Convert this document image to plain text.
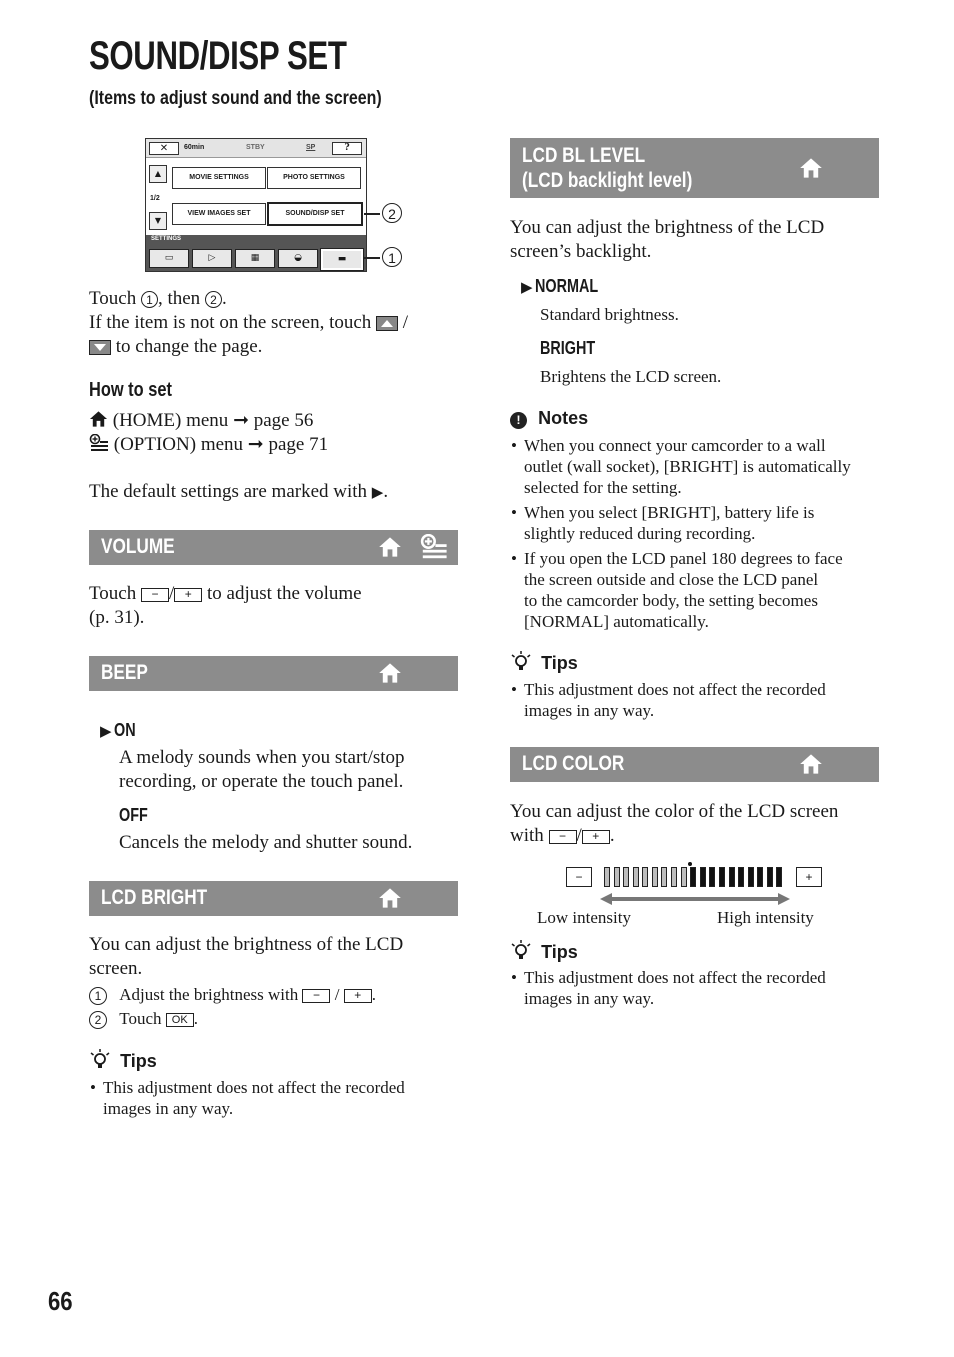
SOUND/DISP SET
(Items to adjust sound and the screen)
✕	60min	STBY	SP	?
▲
1/2
▼
MOVIE SETTINGS	PHOTO SETTINGS
VIEW IMAGES SET	SOUND/DISP SET
SETTINGS
▭	▷	▦	◒	▬
2
1
Touch 1 , then 2 .
If the item is not on the screen, touch
/
to change the page.
How to set
(HOME) menu ➞ page 56
(OPTION) menu ➞ page 71
The default settings are marked with ▶.
VOLUME
Touch − / + to adjust the volume
(p. 31).
BEEP
▶ ON
A melody sounds when you start/stop
recording, or operate the touch panel.
OFF
Cancels the melody and shutter sound.
LCD BRIGHT
You can adjust the brightness of the LCD
screen.
1 Adjust the brightness with − / + .
2 Touch OK .
Tips
• This adjustment does not affect the recorded
images in any way.
LCD BL LEVEL
(LCD backlight level)
You can adjust the brightness of the LCD
screen’s backlight.
▶ NORMAL
Standard brightness.
BRIGHT
Brightens the LCD screen.
! Notes
• When you connect your camcorder to a wall
outlet (wall socket), [BRIGHT] is automatically
selected for the setting.
• When you select [BRIGHT], battery life is
slightly reduced during recording.
• If you open the LCD panel 180 degrees to face
the screen outside and close the LCD panel
to the camcorder body, the setting becomes
[NORMAL] automatically.
Tips
• This adjustment does not affect the recorded
images in any way.
LCD COLOR
You can adjust the color of the LCD screen
with − / + .
−	+
Low intensity	High intensity
Tips
• This adjustment does not affect the recorded
images in any way.
66
